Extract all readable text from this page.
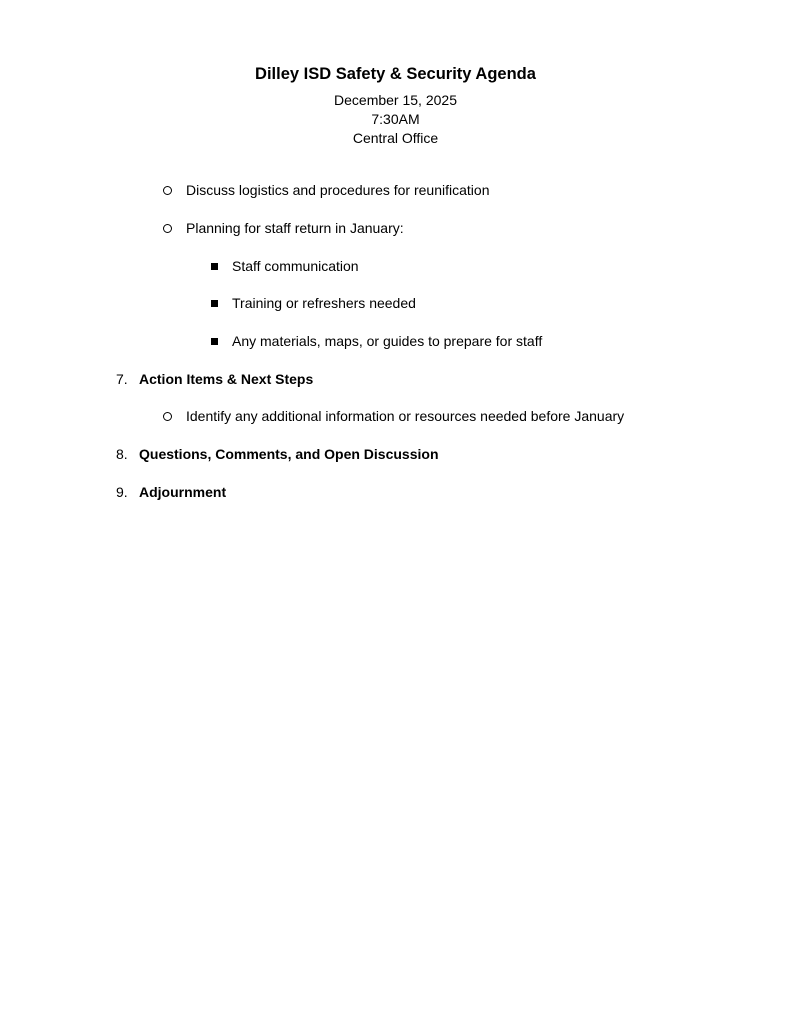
Dilley ISD Safety & Security Agenda
December 15, 2025
7:30AM
Central Office
Discuss logistics and procedures for reunification
Planning for staff return in January:
Staff communication
Training or refreshers needed
Any materials, maps, or guides to prepare for staff
7. Action Items & Next Steps
Identify any additional information or resources needed before January
8. Questions, Comments, and Open Discussion
9. Adjournment
